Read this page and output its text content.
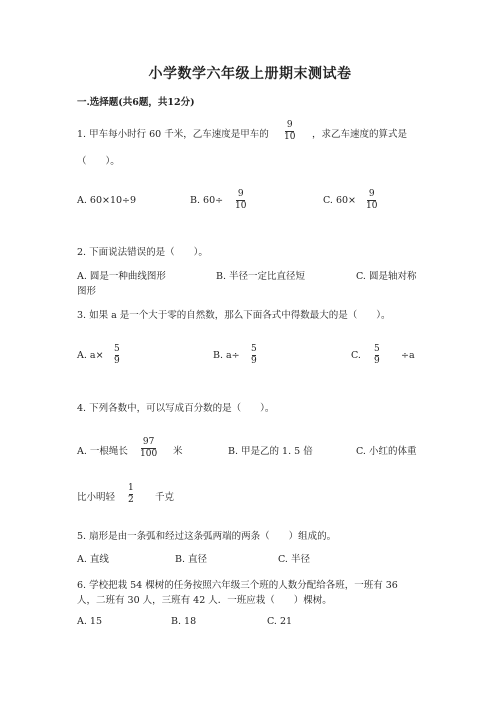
小学数学六年级上册期末测试卷
一.选择题(共6题，共12分)
1. 甲车每小时行 60 千米，乙车速度是甲车的
9
10 ，求乙车速度的算式是
（　　）。
A. 60×10÷9	B. 60÷
9
10	C. 60×
9
10
2. 下面说法错误的是（　　）。
A. 圆是一种曲线图形	B. 半径一定比直径短	C. 圆是轴对称
图形
3. 如果 a 是一个大于零的自然数，那么下面各式中得数最大的是（　　）。
A. a×
5
9	B. a÷
5
9	C.
5
9 ÷a
4. 下列各数中，可以写成百分数的是（　　）。
A. 一根绳长
97
100 米	B. 甲是乙的 1. 5 倍	C. 小红的体重
比小明轻
1
2 千克
5. 扇形是由一条弧和经过这条弧两端的两条（　　）组成的。
A. 直线	B. 直径	C. 半径
6. 学校把栽 54 棵树的任务按照六年级三个班的人数分配给各班，一班有 36
人，二班有 30 人，三班有 42 人．一班应栽（　　）棵树。
A. 15	B. 18	C. 21
